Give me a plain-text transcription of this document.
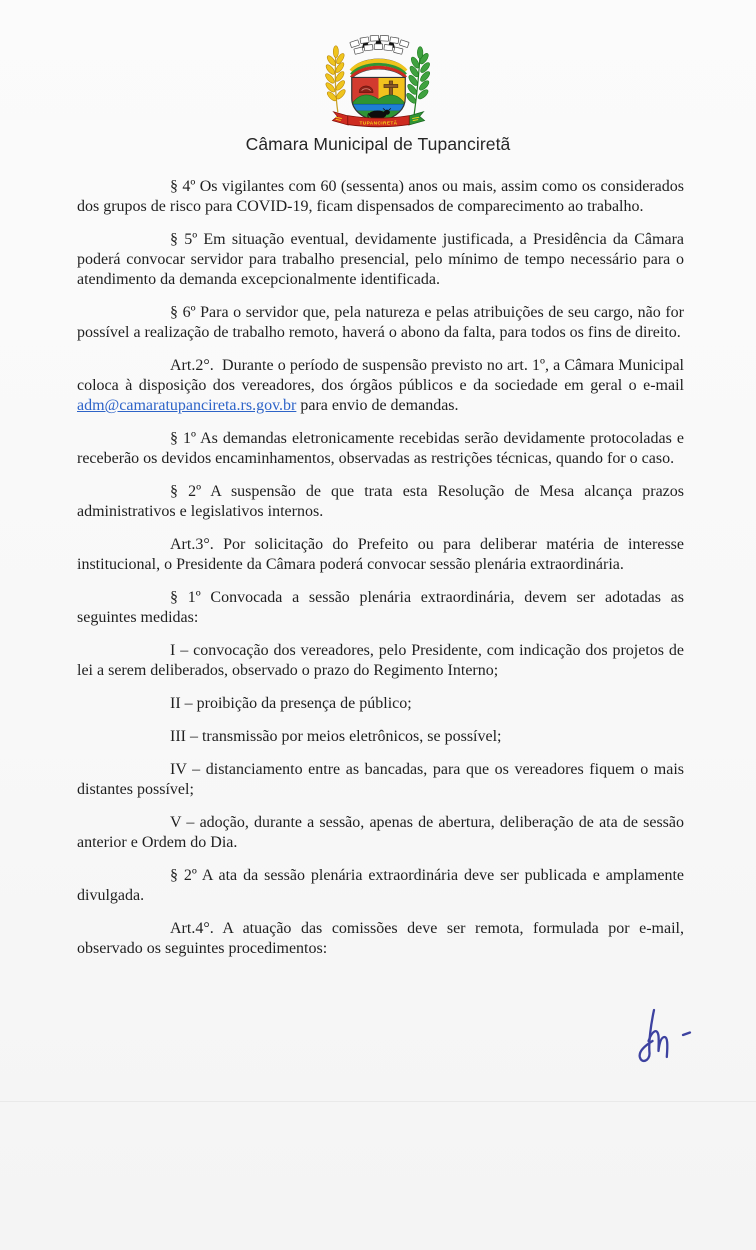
TUPANCIRETÃ
Câmara Municipal de Tupanciretã

§ 4º Os vigilantes com 60 (sessenta) anos ou mais, assim como os considerados dos grupos de risco para COVID-19, ficam dispensados de comparecimento ao trabalho.

§ 5º Em situação eventual, devidamente justificada, a Presidência da Câmara poderá convocar servidor para trabalho presencial, pelo mínimo de tempo necessário para o atendimento da demanda excepcionalmente identificada.

§ 6º Para o servidor que, pela natureza e pelas atribuições de seu cargo, não for possível a realização de trabalho remoto, haverá o abono da falta, para todos os fins de direito.

Art.2°.  Durante o período de suspensão previsto no art. 1º, a Câmara Municipal coloca à disposição dos vereadores, dos órgãos públicos e da sociedade em geral o e-mail adm@camaratupancireta.rs.gov.br para envio de demandas.

§ 1º As demandas eletronicamente recebidas serão devidamente protocoladas e receberão os devidos encaminhamentos, observadas as restrições técnicas, quando for o caso.

§ 2º A suspensão de que trata esta Resolução de Mesa alcança prazos administrativos e legislativos internos.

Art.3°. Por solicitação do Prefeito ou para deliberar matéria de interesse institucional, o Presidente da Câmara poderá convocar sessão plenária extraordinária.

§ 1º Convocada a sessão plenária extraordinária, devem ser adotadas as seguintes medidas:

I – convocação dos vereadores, pelo Presidente, com indicação dos projetos de lei a serem deliberados, observado o prazo do Regimento Interno;

II – proibição da presença de público;

III – transmissão por meios eletrônicos, se possível;

IV – distanciamento entre as bancadas, para que os vereadores fiquem o mais distantes possível;

V – adoção, durante a sessão, apenas de abertura, deliberação de ata de sessão anterior e Ordem do Dia.

§ 2º A ata da sessão plenária extraordinária deve ser publicada e amplamente divulgada.

Art.4°. A atuação das comissões deve ser remota, formulada por e-mail, observado os seguintes procedimentos:
